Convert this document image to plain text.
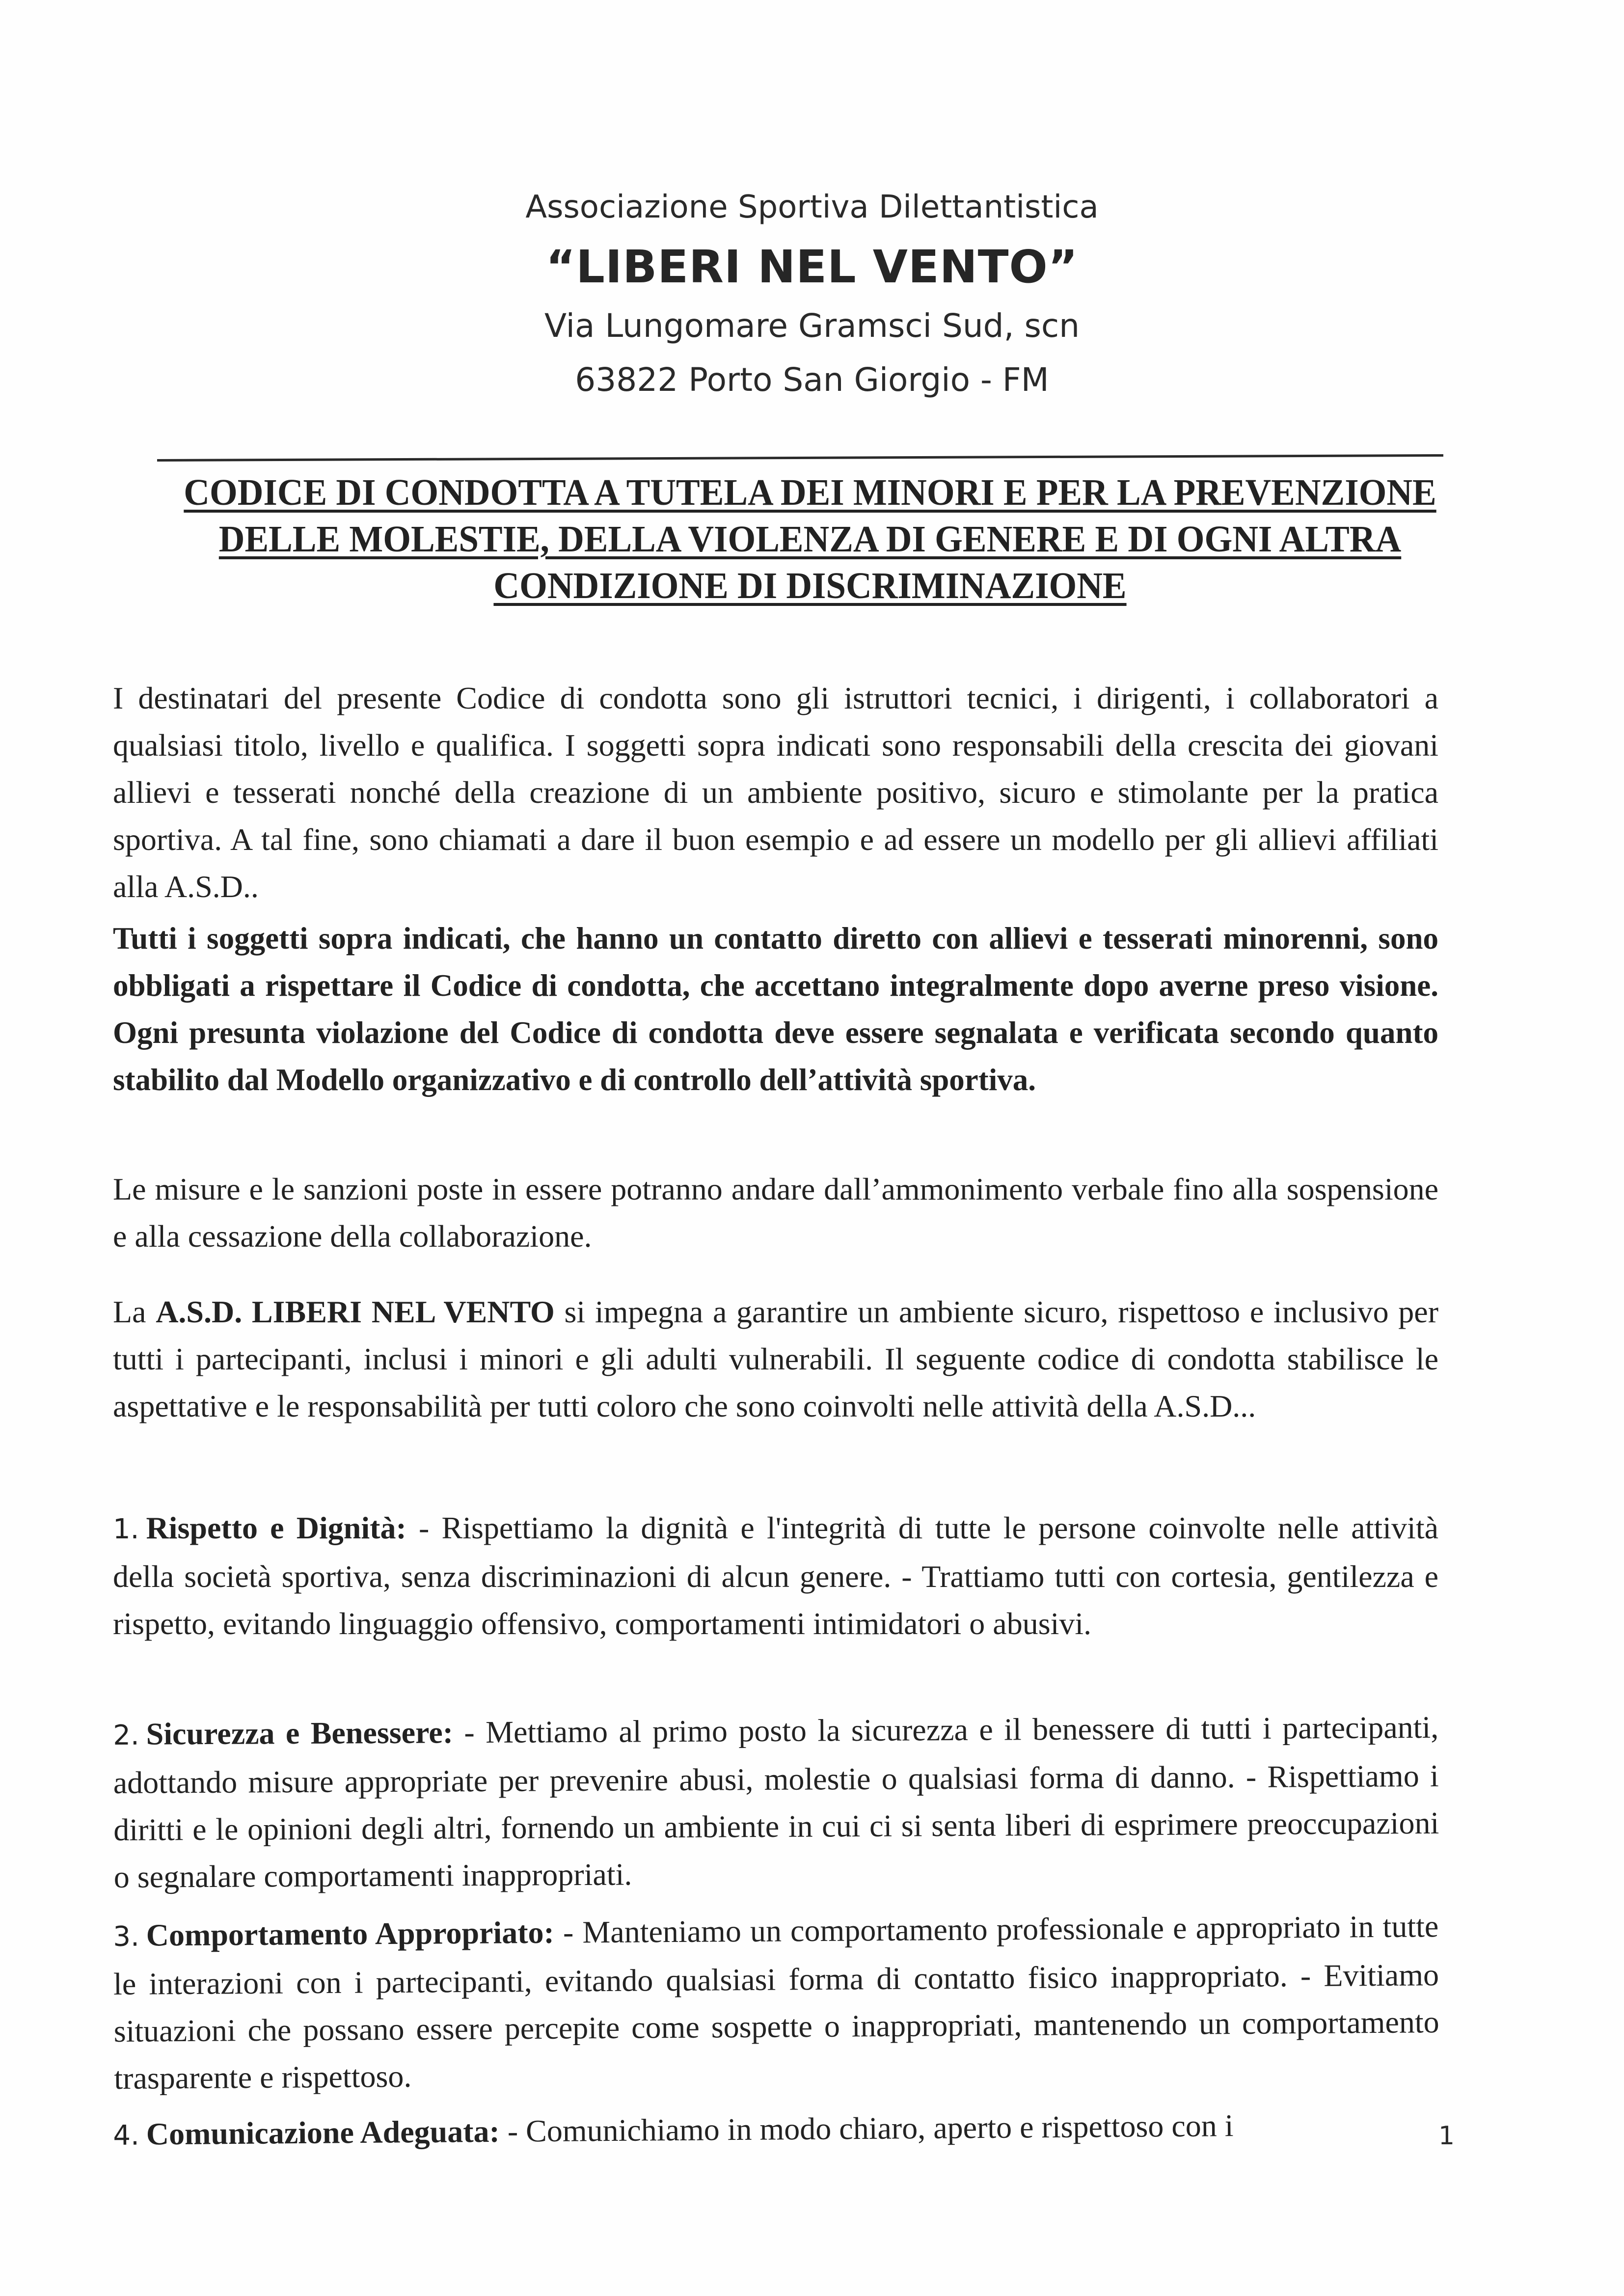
Associazione Sportiva Dilettantistica
“LIBERI NEL VENTO”
Via Lungomare Gramsci Sud, scn
63822 Porto San Giorgio - FM
CODICE DI CONDOTTA A TUTELA DEI MINORI E PER LA PREVENZIONE
DELLE MOLESTIE, DELLA VIOLENZA DI GENERE E DI OGNI ALTRA
CONDIZIONE DI DISCRIMINAZIONE

I destinatari del presente Codice di condotta sono gli istruttori tecnici, i dirigenti, i collaboratori a qualsiasi titolo, livello e qualifica. I soggetti sopra indicati sono responsabili della crescita dei giovani allievi e tesserati nonché della creazione di un ambiente positivo, sicuro e stimolante per la pratica sportiva. A tal fine, sono chiamati a dare il buon esempio e ad essere un modello per gli allievi affiliati alla A.S.D..

Tutti i soggetti sopra indicati, che hanno un contatto diretto con allievi e tesserati minorenni, sono obbligati a rispettare il Codice di condotta, che accettano integralmente dopo averne preso visione. Ogni presunta violazione del Codice di condotta deve essere segnalata e verificata secondo quanto stabilito dal Modello organizzativo e di controllo dell’attività sportiva.

Le misure e le sanzioni poste in essere potranno andare dall’ammonimento verbale fino alla sospensione e alla cessazione della collaborazione.

La A.S.D. LIBERI NEL VENTO si impegna a garantire un ambiente sicuro, rispettoso e inclusivo per tutti i partecipanti, inclusi i minori e gli adulti vulnerabili. Il seguente codice di condotta stabilisce le aspettative e le responsabilità per tutti coloro che sono coinvolti nelle attività della A.S.D...

1. Rispetto e Dignità: - Rispettiamo la dignità e l'integrità di tutte le persone coinvolte nelle attività della società sportiva, senza discriminazioni di alcun genere. - Trattiamo tutti con cortesia, gentilezza e rispetto, evitando linguaggio offensivo, comportamenti intimidatori o abusivi.

2. Sicurezza e Benessere: - Mettiamo al primo posto la sicurezza e il benessere di tutti i partecipanti, adottando misure appropriate per prevenire abusi, molestie o qualsiasi forma di danno. - Rispettiamo i diritti e le opinioni degli altri, fornendo un ambiente in cui ci si senta liberi di esprimere preoccupazioni o segnalare comportamenti inappropriati.

3. Comportamento Appropriato: - Manteniamo un comportamento professionale e appropriato in tutte le interazioni con i partecipanti, evitando qualsiasi forma di contatto fisico inappropriato. - Evitiamo situazioni che possano essere percepite come sospette o inappropriati, mantenendo un comportamento trasparente e rispettoso.

4. Comunicazione Adeguata: - Comunichiamo in modo chiaro, aperto e rispettoso con i	1
